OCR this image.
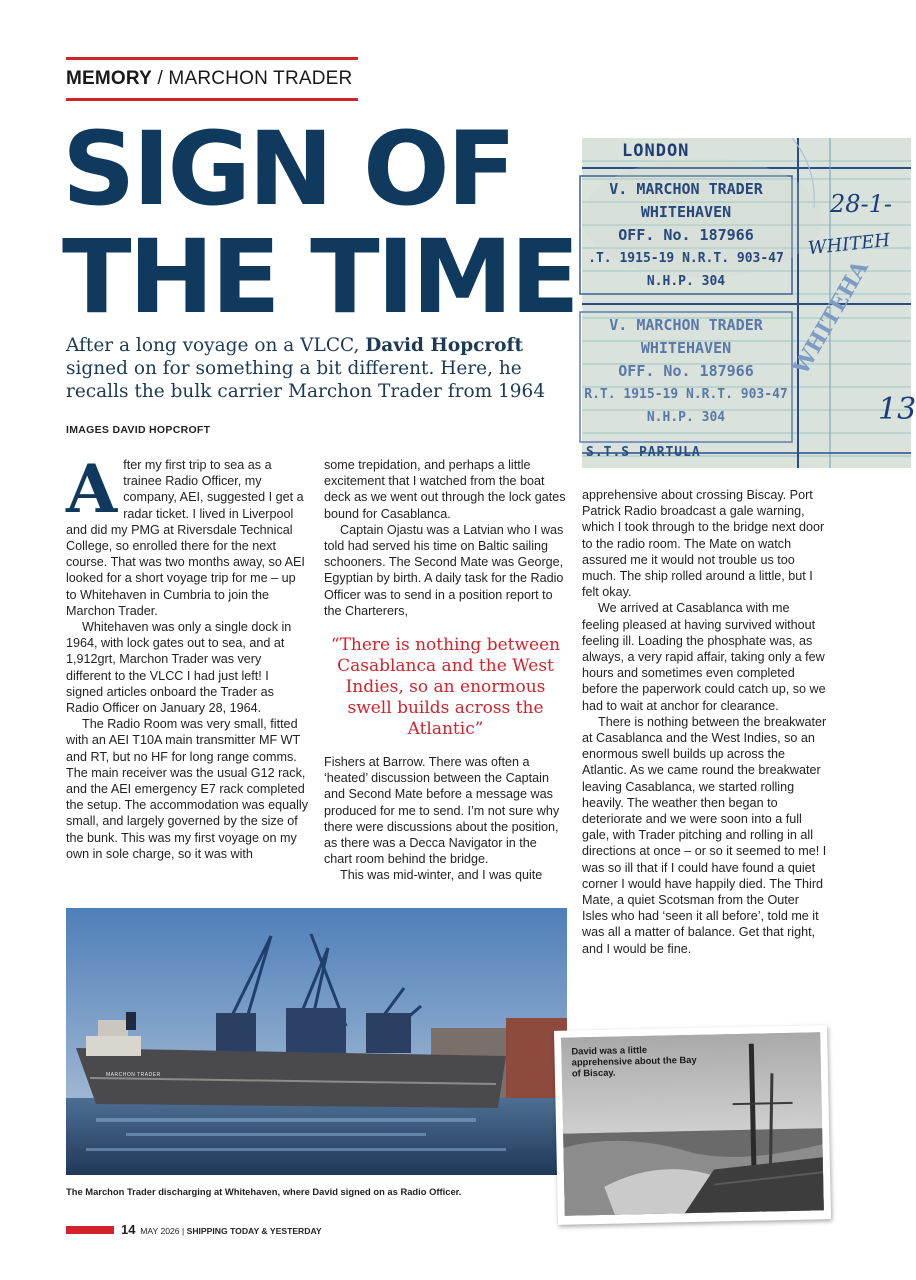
MEMORY / MARCHON TRADER
SIGN OF
THE TIME

After a long voyage on a VLCC, David Hopcroft signed on for something a bit different. Here, he recalls the bulk carrier Marchon Trader from 1964

IMAGES DAVID HOPCROFT
LONDON
V. MARCHON TRADER
WHITEHAVEN
OFF. No. 187966
.T. 1915-19 N.R.T. 903-47
N.H.P. 304
V. MARCHON TRADER
WHITEHAVEN
OFF. No. 187966
R.T. 1915-19 N.R.T. 903-47
N.H.P. 304
S.T.S PARTULA
28-1-
WHITEH
WHITEHA
13

After my first trip to sea as a trainee Radio Officer, my company, AEI, suggested I get a radar ticket. I lived in Liverpool and did my PMG at Riversdale Technical College, so enrolled there for the next course. That was two months away, so AEI looked for a short voyage trip for me – up to Whitehaven in Cumbria to join the Marchon Trader.

Whitehaven was only a single dock in 1964, with lock gates out to sea, and at 1,912grt, Marchon Trader was very different to the VLCC I had just left! I signed articles onboard the Trader as Radio Officer on January 28, 1964.

The Radio Room was very small, fitted with an AEI T10A main transmitter MF WT and RT, but no HF for long range comms. The main receiver was the usual G12 rack, and the AEI emergency E7 rack completed the setup. The accommodation was equally small, and largely governed by the size of the bunk. This was my first voyage on my own in sole charge, so it was with

some trepidation, and perhaps a little excitement that I watched from the boat deck as we went out through the lock gates bound for Casablanca.

Captain Ojastu was a Latvian who I was told had served his time on Baltic sailing schooners. The Second Mate was George, Egyptian by birth. A daily task for the Radio Officer was to send in a position report to the Charterers,

“There is nothing between Casablanca and the West Indies, so an enormous swell builds across the Atlantic”

Fishers at Barrow. There was often a ‘heated’ discussion between the Captain and Second Mate before a message was produced for me to send. I’m not sure why there were discussions about the position, as there was a Decca Navigator in the chart room behind the bridge.

This was mid-winter, and I was quite

apprehensive about crossing Biscay. Port Patrick Radio broadcast a gale warning, which I took through to the bridge next door to the radio room. The Mate on watch assured me it would not trouble us too much. The ship rolled around a little, but I felt okay.

We arrived at Casablanca with me feeling pleased at having survived without feeling ill. Loading the phosphate was, as always, a very rapid affair, taking only a few hours and sometimes even completed before the paperwork could catch up, so we had to wait at anchor for clearance.

There is nothing between the breakwater at Casablanca and the West Indies, so an enormous swell builds up across the Atlantic. As we came round the breakwater leaving Casablanca, we started rolling heavily. The weather then began to deteriorate and we were soon into a full gale, with Trader pitching and rolling in all directions at once – or so it seemed to me! I was so ill that if I could have found a quiet corner I would have happily died. The Third Mate, a quiet Scotsman from the Outer Isles who had ‘seen it all before’, told me it was all a matter of balance. Get that right, and I would be fine.

MARCHON TRADER
The Marchon Trader discharging at Whitehaven, where David signed on as Radio Officer.
David was a little apprehensive about the Bay of Biscay.
14 MAY 2026 | SHIPPING TODAY & YESTERDAY
